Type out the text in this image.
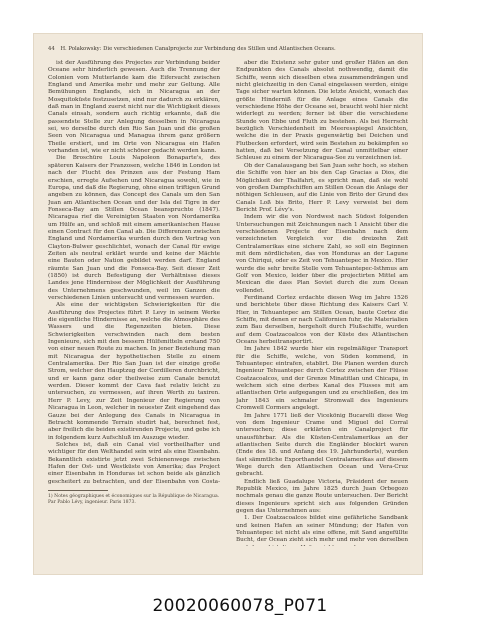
44 H. Polakowsky: Die verschiedenen Canalprojecte zur Verbindung des Stillen und Atlantischen Oceans.

ist der Ausführung des Projectes zur Verbindung beider Oceane sehr hinderlich gewesen. Auch die Trennung der Colonien vom Mutterlande kam die Eifersucht zwischen England und Amerika mehr und mehr zur Geltung. Alle Bemühungen Englands, sich in Nicaragua an der Mosquitoküste festzusetzen, sind nur dadurch zu erklären, daß man in England zuerst nicht nur die Wichtigkeit dieses Canals einsah, sondern auch richtig erkannte, daß die passendste Stelle zur Anlegung desselben in Nicaragua sei, wo derselbe durch den Rio San Juan und die großen Seen von Nicaragua und Managua ihrem ganz größern Theile erstiert, und im Orte von Nicaragua ein Hafen vorhanden ist, wie er nicht schöner gedacht werden kann.

Die Broschüre Louis Napoleon Bonaparte's, des späteren Kaisers der Franzosen, welche 1846 in London ist nach der Flucht des Prinzen aus der Festung Ham erschien, erregte Aufsehen und Nicaragua sowohl, wie in Europa, und daß die Regierung, ohne einen triftigen Grund angeben zu können, das Concept des Canals um den San Juan am Atlantischen Ocean und der Isla del Tigre in der Fonseca-Bay am Stillen Ocean beanspruchte (1847). Nicaragua rief die Vereinigten Staaten von Nordamerika um Hülfe an, und schloß mit einem amerikanischen Hause einen Contract für den Canal ab. Die Differenzen zwischen England und Nordamerika wurden durch den Vertrag von Clayton-Bulwer geschlichtet, wonach der Canal für ewige Zeiten als neutral erklärt wurde und keine der Mächte eine Bauten oder Nation gebildet werden darf. England räumte San Juan und die Fonseca-Bay. Seit dieser Zeit (1850) ist durch Befestigung der Verhältnisse dieses Landes jene Hindernisse der Möglichkeit der Ausführung des Unternehmens geschwunden, weil im Ganzen die verschiedenen Linien untersucht und vermessen wurden.

Als eine der wichtigsten Schwierigkeiten für die Ausführung des Projectes führt P. Levy in seinem Werke die eigentliche Hindernisse an, welche die Atmosphäre des Wassers und die Regenzeiten bieten. Diese Schwierigkeiten verschwinden nach dem besten Ingenieure, sich mit den bessern Hülfsmitteln erstand 750 von einer neuen Route zu machen. In jener Beziehung man mit Nicaragua der hypothetischen Stelle zu einem Centralamerika. Der Rio San Juan ist der einzige große Strom, welcher den Hauptzug der Cordilleren durchbricht, und er kann ganz oder theilweise zum Canale benutzt werden. Dieser kommt der Cava fast relativ leicht zu untersuchen, zu vermessen, auf ihren Werth zu taxiren. Herr P. Levy, zur Zeit Ingenieur der Regierung von Nicaragua in Leon, welcher in neuester Zeit eingehend das Gauze bei der Anlegung des Canals in Nicaragua in Betracht kommende Terrain studirt hat, berechnet fest, aber freilich die beiden existirenden Projecte, und gebe ich in folgendem kurz Aufschluß im Auszuge wieder.

Solches ist, daß ein Canal viel vortheilhafter und wichtiger für den Welthandel sein wird als eine Eisenbahn. Bekanntlich existirte jetzt zwei Schienenwege zwischen Hafen der Ost- und Westküste von Amerika; das Project einer Eisenbahn in Honduras ist schon beide als gänzlich gescheitert zu betrachten, und der Eisenbahn von Costa-

1) Notes géographiques et économiques sur la République de Nicaragua. Par Pablo Lévy, ingenieur. Paris 1873.

aber die Existenz sehr guter und großer Häfen an den Endpunkten des Canals absolut nothwendig, damit die Schiffe, wenn sich dieselben etwa zusammendrängen und nicht gleichzeitig in den Canal eingelassen werden, einige Tage sicher warten können. Die letzte Ansicht, wonach das größte Hinderniß für die Anlage eines Canals die verschiedene Höhe der Oceane sei, braucht wohl hier nicht widerlegt zu werden; ferner ist über die verschiedene Stunde von Ebbe und Fluth zu bestehen. Als bei Herrscht bezüglich Verschiedenheit im Meeresspiegel Ansichten, welche die in der Praxis gegenwärtig bei Deichen und Flutbecken erfordert, wird sein Bestehen zu bekämpfen so hatten, daß bei Versetzung der Canal unmittelbar einer Schleuse zu einem der Nicaragua-See zu verzeichnen ist.

Ob der Canalausgang bei San Juan sehr hoch, so stehen die Schiffe von hier an bis den Cap Gracias a Dios, die Möglichkeit der Thalfahrt, es spricht man, daß sie wohl von großen Dampfschiffen am Stillen Ocean die Anlage der nöthigen Schleusen, auf die Linie von Brito der Grund des Canals Loß bis Brito, Herr P. Levy verweist bei dem Bericht Prof. Lévy's.

Indem wir die von Nordwest nach Südost folgenden Untersuchungen mit Zeichnungen nach 1 Ansicht über die verschiedenen Projecte der Eisenbahn nach dem verzeichneten Vergleich vor die dreizehn Zeit Centralamerikas eine sichere Zahl, so soll ein Beginnen mit dem nördlichsten, das von Honduras an der Lagune von Chiriqui, oder es Zeit von Tehuantepec in Mexico. Hier wurde die sehr breite Stelle vom Tehuantepec-Isthmus am Golf von Mexico, leider über die projectirten Mittel am Mexican die dass Plan Soviet durch die zum Ocean vollendet.

Ferdinand Cortez erdachte diesen Weg im Jahre 1526 und berichtete über diese Richtung des Kaisers Carl V. Hier, in Tehuantepec am Stillen Ocean, baute Cortez die Schiffe, mit denen er nach Californien fuhr, die Materialien zum Bau derselben, hergeholt durch Flußschiffe, wurden auf dem Coatzacoalcos von der Küste des Atlantischen Oceans herbeitransportirt.

Im Jahre 1842 wurde hier ein regelmäßiger Transport für die Schiffe, welche, von Süden kommend, in Tehuantepec eintrafen, etablirt. Die Planen werden durch Ingenieur Tehuantepec durch Cortez zwischen der Flüsse Coatzacoalcos, und der Grenze Minatitlan und Chicapa, in welchem sich eine derbes Kanal des Flusses mit am atlantischen Orte aufgegangen und zu erschließen, des im Jahr 1843 ein schmaler Stromwall des Ingenieurs Cromwell Cormers angelegt.

Im Jahre 1771 ließ der Vicekönig Bucarelli diese Weg von dem Ingenieur Crame und Miguel del Corral untersuchen; diese erklärten ein Canalproject für unausführbar. Als die Küsten-Centralamerikas an der atlantischen Seite durch die Engländer blockirt waren (Ende des 18. und Anfang des 19. Jahrhunderts), wurden fast sämmtliche Exporthandel Centralamerikas auf diesem Wege durch den Atlantischen Ocean und Vera-Cruz gebracht.

Endlich ließ Guadalupe Victoria, Präsident der neuen Republik Mexico, im Jahre 1825 durch Juan Orbegozo nochmals genau die ganze Route untersuchen. Der Bericht dieses Ingenieurs spricht sich aus folgenden Gründen gegen das Unternehmen aus:

1. Der Coatzacoalcos bildet eine gefährliche Sandbank und keinen Hafen an seiner Mündung; der Hafen von Tehuantepec ist nicht als eine offene, mit Sand angefüllte Bucht, der Ocean zieht sich mehr und mehr von derselben

20020060078_P071
